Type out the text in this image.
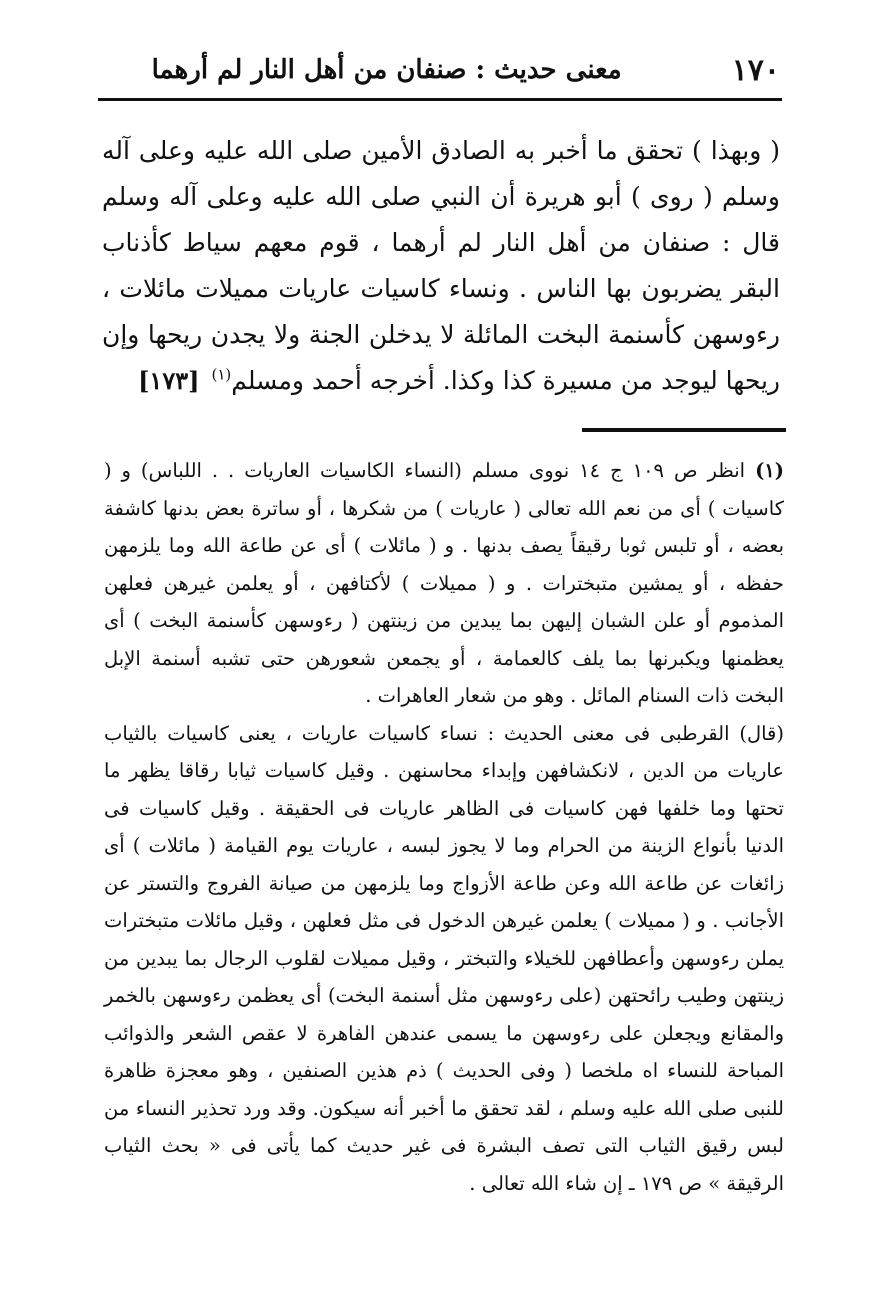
١٧٠
معنى حديث : صنفان من أهل النار لم أرهما

( وبهذا ) تحقق ما أخبر به الصادق الأمين صلى الله عليه وعلى آله وسلم ( روى ) أبو هريرة أن النبي صلى الله عليه وعلى آله وسلم قال : صنفان من أهل النار لم أرهما ، قوم معهم سياط كأذناب البقر يضربون بها الناس . ونساء كاسيات عاريات مميلات مائلات ، رءوسهن كأسنمة البخت المائلة لا يدخلن الجنة ولا يجدن ريحها وإن ريحها ليوجد من مسيرة كذا وكذا. أخرجه أحمد ومسلم$^{(١)}$[١٧٣]

(١) انظر ص ١٠٩ ج ١٤ نووى مسلم (النساء الكاسيات العاريات . . اللباس) و ( كاسيات ) أى من نعم الله تعالى ( عاريات ) من شكرها ، أو ساترة بعض بدنها كاشفة بعضه ، أو تلبس ثوبا رقيقاً يصف بدنها . و ( مائلات ) أى عن طاعة الله وما يلزمهن حفظه ، أو يمشين متبخترات . و ( مميلات ) لأكتافهن ، أو يعلمن غيرهن فعلهن المذموم أو علن الشبان إليهن بما يبدين من زينتهن ( رءوسهن كأسنمة البخت ) أى يعظمنها ويكبرنها بما يلف كالعمامة ، أو يجمعن شعورهن حتى تشبه أسنمة الإبل البخت ذات السنام المائل . وهو من شعار العاهرات .

(قال) القرطبى فى معنى الحديث : نساء كاسيات عاريات ، يعنى كاسيات بالثياب عاريات من الدين ، لانكشافهن وإبداء محاسنهن . وقيل كاسيات ثيابا رقاقا يظهر ما تحتها وما خلفها فهن كاسيات فى الظاهر عاريات فى الحقيقة . وقيل كاسيات فى الدنيا بأنواع الزينة من الحرام وما لا يجوز لبسه ، عاريات يوم القيامة ( مائلات ) أى زائغات عن طاعة الله وعن طاعة الأزواج وما يلزمهن من صيانة الفروج والتستر عن الأجانب . و ( مميلات ) يعلمن غيرهن الدخول فى مثل فعلهن ، وقيل مائلات متبخترات يملن رءوسهن وأعطافهن للخيلاء والتبختر ، وقيل مميلات لقلوب الرجال بما يبدين من زينتهن وطيب رائحتهن (على رءوسهن مثل أسنمة البخت) أى يعظمن رءوسهن بالخمر والمقانع ويجعلن على رءوسهن ما يسمى عندهن الفاهرة لا عقص الشعر والذوائب المباحة للنساء اه ملخصا ( وفى الحديث ) ذم هذين الصنفين ، وهو معجزة ظاهرة للنبى صلى الله عليه وسلم ، لقد تحقق ما أخبر أنه سيكون. وقد ورد تحذير النساء من لبس رقيق الثياب التى تصف البشرة فى غير حديث كما يأتى فى « بحث الثياب الرقيقة » ص ١٧٩ ـ إن شاء الله تعالى .
